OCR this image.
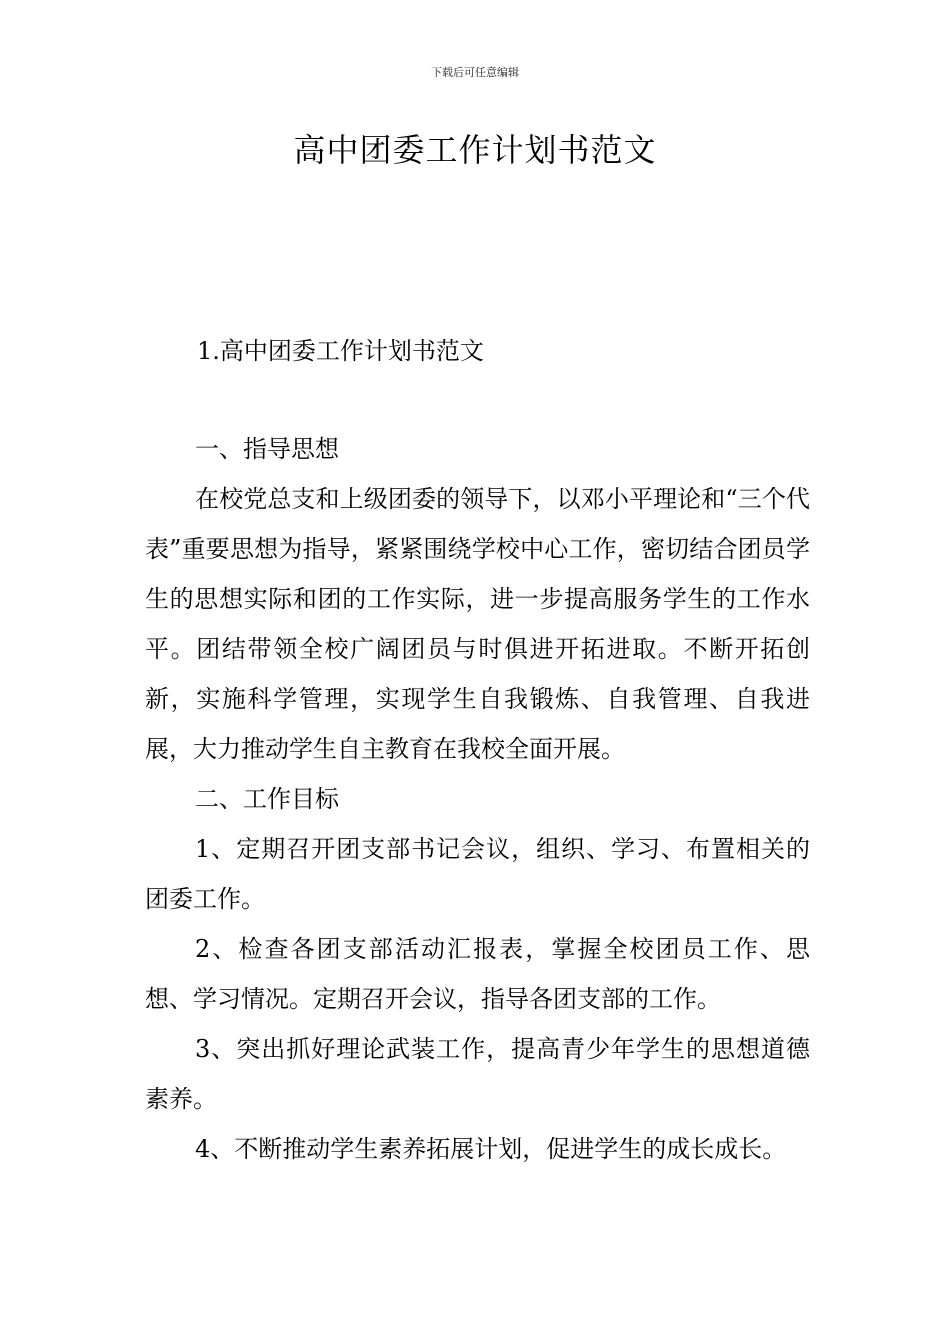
下载后可任意编辑
高中团委工作计划书范文

1.高中团委工作计划书范文

一、指导思想

在校党总支和上级团委的领导下，以邓小平理论和“三个代表”重要思想为指导，紧紧围绕学校中心工作，密切结合团员学生的思想实际和团的工作实际，进一步提高服务学生的工作水平。团结带领全校广阔团员与时俱进开拓进取。不断开拓创新，实施科学管理，实现学生自我锻炼、自我管理、自我进展，大力推动学生自主教育在我校全面开展。

二、工作目标

1、定期召开团支部书记会议，组织、学习、布置相关的团委工作。

2、检查各团支部活动汇报表，掌握全校团员工作、思想、学习情况。定期召开会议，指导各团支部的工作。

3、突出抓好理论武装工作，提高青少年学生的思想道德素养。

4、不断推动学生素养拓展计划，促进学生的成长成长。
